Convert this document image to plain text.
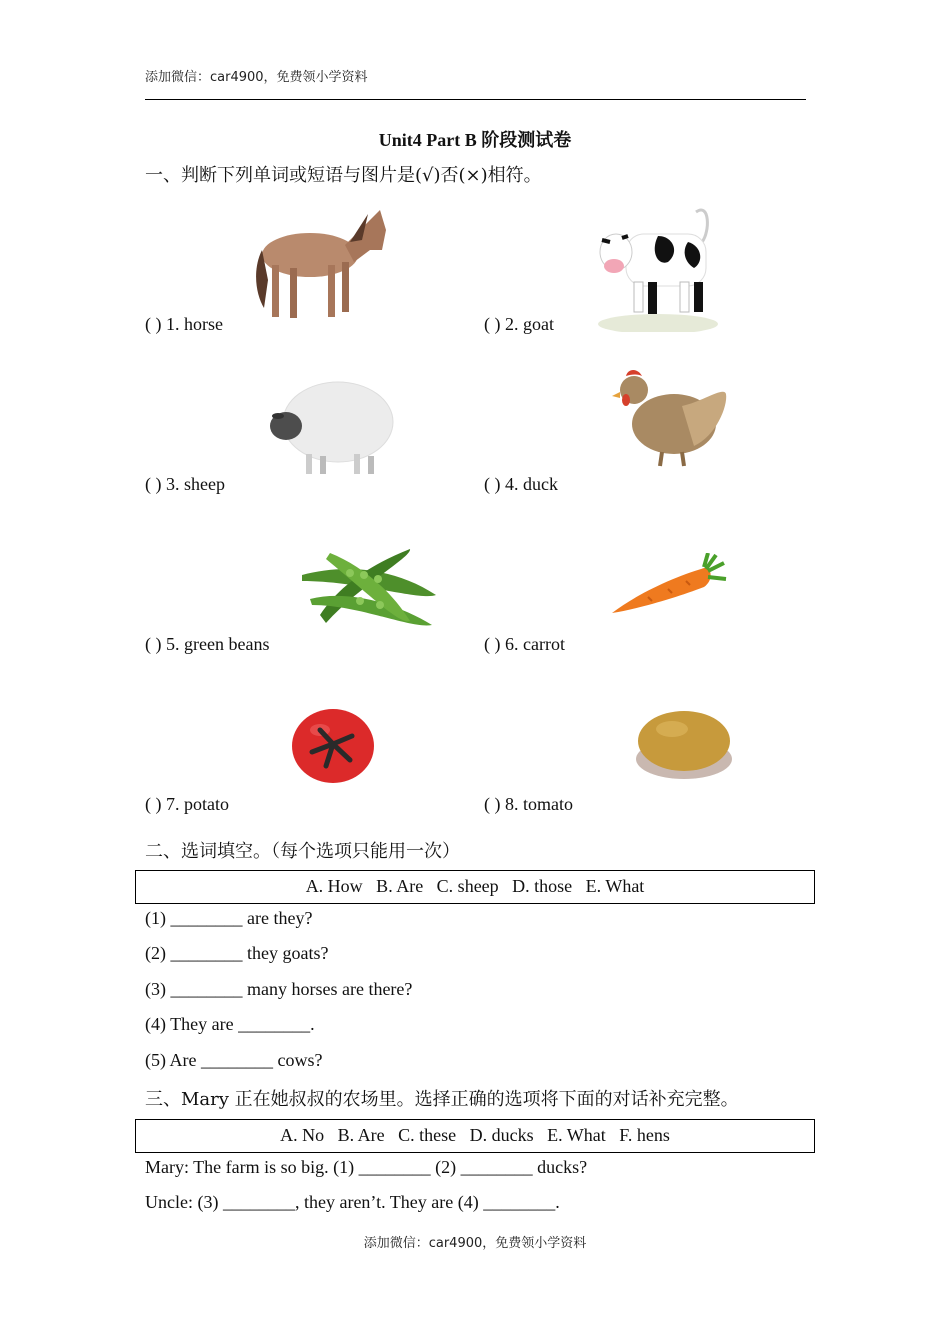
添加微信：car4900，免费领小学资料
Unit4 Part B 阶段测试卷
一、判断下列单词或短语与图片是(√)否(×)相符。
( ) 1. horse	( ) 2. goat
( ) 3. sheep	( ) 4. duck
( ) 5. green beans	( ) 6. carrot
( ) 7. potato	( ) 8. tomato
二、选词填空。（每个选项只能用一次）
A. How   B. Are   C. sheep   D. those   E. What
(1) ________ are they?
(2) ________ they goats?
(3) ________ many horses are there?
(4) They are ________.
(5) Are ________ cows?
三、Mary 正在她叔叔的农场里。选择正确的选项将下面的对话补充完整。
A. No   B. Are   C. these   D. ducks   E. What   F. hens
Mary: The farm is so big. (1) ________ (2) ________ ducks?
Uncle: (3) ________, they aren’t. They are (4) ________.
添加微信：car4900，免费领小学资料
